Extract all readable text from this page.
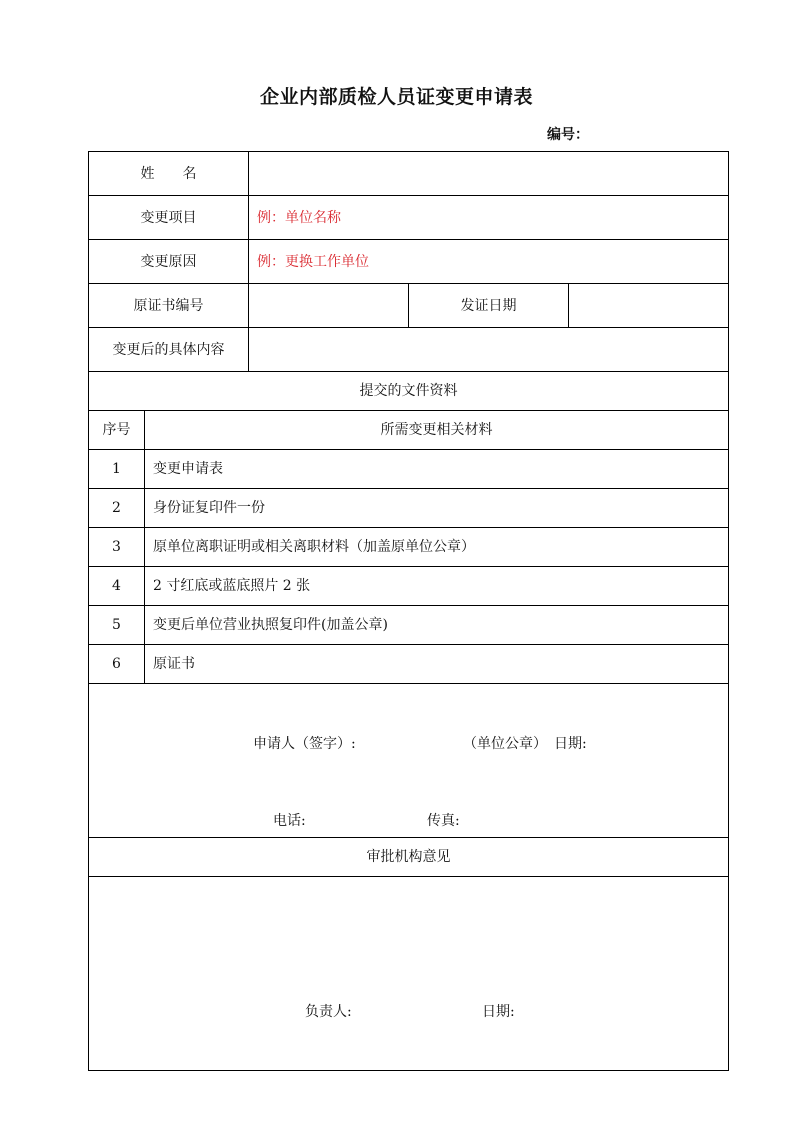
企业内部质检人员证变更申请表
编号：
姓　　名				
变更项目		例：单位名称		
变更原因		例：更换工作单位		
原证书编号			发证日期	
变更后的具体内容				
提交的文件资料				
序号	所需变更相关材料			
1	变更申请表			
2	身份证复印件一份			
3	原单位离职证明或相关离职材料（加盖原单位公章）			
4	2 寸红底或蓝底照片 2 张			
5	变更后单位营业执照复印件(加盖公章)			
6	原证书			

申请人（签字）: （单位公章） 日期:
电话: 传真:				

审批机构意见				

负责人: 日期:				
